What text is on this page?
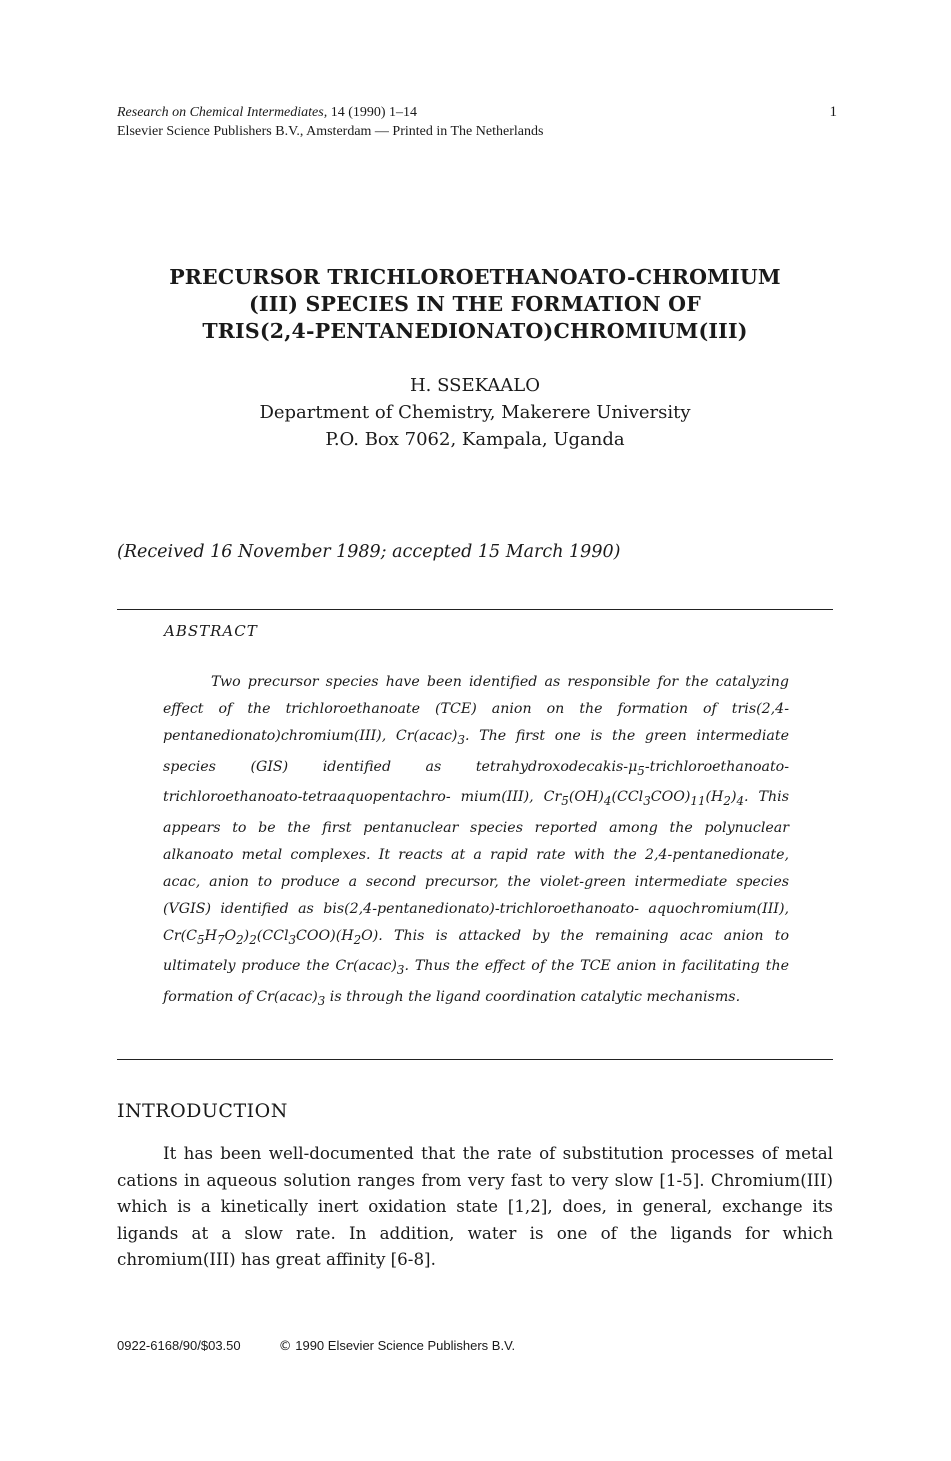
Research on Chemical Intermediates, 14 (1990) 1–14
Elsevier Science Publishers B.V., Amsterdam — Printed in The Netherlands
1
PRECURSOR TRICHLOROETHANOATO-CHROMIUM
(III) SPECIES IN THE FORMATION OF
TRIS(2,4-PENTANEDIONATO)CHROMIUM(III)
H. SSEKAALO
Department of Chemistry, Makerere University
P.O. Box 7062, Kampala, Uganda
(Received 16 November 1989; accepted 15 March 1990)
ABSTRACT
Two precursor species have been identified as responsible for the catalyzing effect of the trichloroethanoate (TCE) anion on the formation of tris(2,4-pentanedionato)chromium(III), $Cr(acac)_3$. The first one is the green intermediate species (GIS) identified as tetrahydroxodecakis-$\mu_5-trichloroethanoato-trichloroethanoato-tetraaquopentachro-$ mium(III), $Cr_5(OH)_4(CCl_3COO)_{11}(H_2)_4$. This appears to be the first pentanuclear species reported among the polynuclear alkanoato metal complexes. It reacts at a rapid rate with the 2,4-pentanedionate, acac, anion to produce a second precursor, the violet-green intermediate species (VGIS) identified as bis(2,4-pentanedionato)-trichloroethanoato- aquochromium(III), $Cr(C_5H_7O_2)_2(CCl_3COO)(H_2O)$. This is attacked by the remaining acac anion to ultimately produce the $Cr(acac)_3$. Thus the effect of the TCE anion in facilitating the formation of $Cr(acac)_3$ is through the ligand coordination catalytic mechanisms.
INTRODUCTION
It has been well-documented that the rate of substitution processes of metal cations in aqueous solution ranges from very fast to very slow [1-5]. Chromium(III) which is a kinetically inert oxidation state [1,2], does, in general, exchange its ligands at a slow rate. In addition, water is one of the ligands for which chromium(III) has great affinity [6-8].
0922-6168/90/$03.50	© 1990 Elsevier Science Publishers B.V.
